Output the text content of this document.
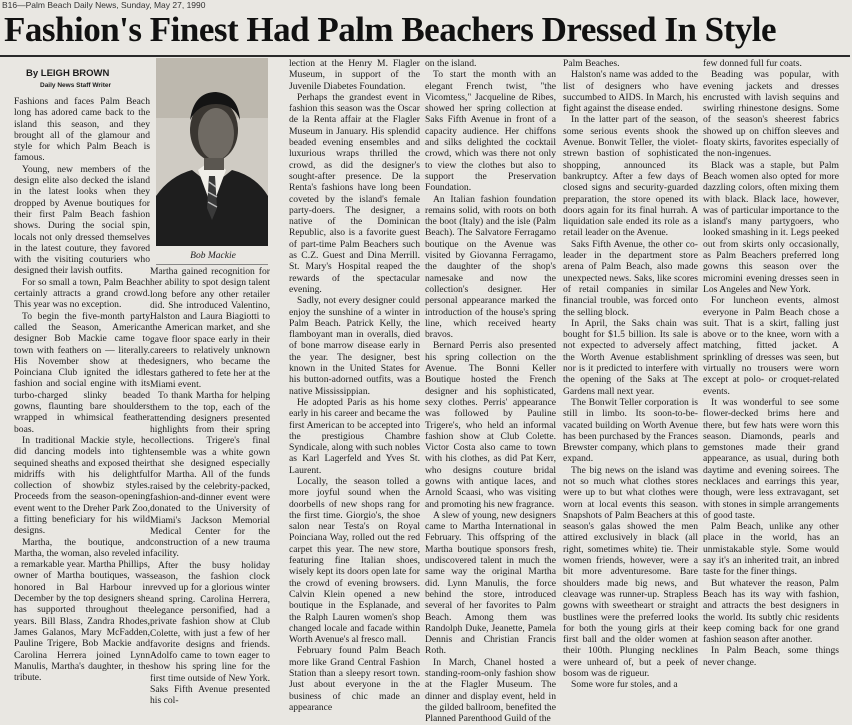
B16—Palm Beach Daily News, Sunday, May 27, 1990
Fashion's Finest Had Palm Beachers Dressed In Style
By LEIGH BROWN
Daily News Staff Writer
Bob Mackie

Fashions and faces Palm Beach long has adored came back to the island this season, and they brought all of the glamour and style for which Palm Beach is famous.

Young, new members of the design elite also decked the island in the latest looks when they dropped by Avenue boutiques for their first Palm Beach fashion shows. During the social spin, locals not only dressed themselves in the latest couture, they favored with the visiting couturiers who designed their lavish outfits.

For so small a town, Palm Beach certainly attracts a grand crowd. This year was no exception.

To begin the five-month party called the Season, American designer Bob Mackie came to town with feathers on — literally. His November show at the Poinciana Club ignited the idle fashion and social engine with its turbo-charged slinky beaded gowns, flaunting bare shoulders wrapped in whimsical feather boas.

In traditional Mackie style, he did dancing models into tight sequined sheaths and exposed their midriffs with his delightful collection of showbiz styles. Proceeds from the season-opening event went to the Dreher Park Zoo, a fitting beneficiary for his wild designs.

Martha, the boutique, and Martha, the woman, also reveled in a remarkable year. Martha Phillips, owner of Martha boutiques, was honored in Bal Harbour in December by the top designers she has supported throughout the years. Bill Blass, Zandra Rhodes, James Galanos, Mary McFadden, Pauline Trigere, Bob Mackie and Carolina Herrera joined Lynn Manulis, Martha's daughter, in the tribute.

Martha gained recognition for her ability to spot design talent long before any other retailer did. She introduced Valentino, Halston and Laura Biagiotti to the American market, and she gave floor space early in their careers to relatively unknown designers, who became the stars gathered to fete her at the Miami event.

To thank Martha for helping them to the top, each of the attending designers presented highlights from their spring collections. Trigere's final ensemble was a white gown that she designed especially for Martha. All of the funds raised by the celebrity-packed, fashion-and-dinner event were donated to the University of Miami's Jackson Memorial Medical Center for the construction of a new trauma facility.

After the busy holiday season, the fashion clock revved up for a glorious winter and spring. Carolina Herrera, elegance personified, had a private fashion show at Club Colette, with just a few of her favorite designs and friends. Adolfo came to town eager to show his spring line for the first time outside of New York. Saks Fifth Avenue presented his col-

lection at the Henry M. Flagler Museum, in support of the Juvenile Diabetes Foundation.

Perhaps the grandest event in fashion this season was the Oscar de la Renta affair at the Flagler Museum in January. His splendid beaded evening ensembles and luxurious wraps thrilled the crowd, as did the designer's sought-after presence. De la Renta's fashions have long been coveted by the island's female party-doers. The designer, a native of the Dominican Republic, also is a favorite guest of part-time Palm Beachers such as C.Z. Guest and Dina Merrill. St. Mary's Hospital reaped the rewards of the spectacular evening.

Sadly, not every designer could enjoy the sunshine of a winter in Palm Beach. Patrick Kelly, the flamboyant man in overalls, died of bone marrow disease early in the year. The designer, best known in the United States for his button-adorned outfits, was a native Mississippian.

He adopted Paris as his home early in his career and became the first American to be accepted into the prestigious Chambre Syndicale, along with such nobles as Karl Lagerfeld and Yves St. Laurent.

Locally, the season tolled a more joyful sound when the doorbells of new shops rang for the first time. Giorgio's, the shoe salon near Testa's on Royal Poinciana Way, rolled out the red carpet this year. The new store, featuring fine Italian shoes, wisely kept its doors open late for the crowd of evening browsers. Calvin Klein opened a new boutique in the Esplanade, and the Ralph Lauren women's shop changed locale and facade within Worth Avenue's al fresco mall.

February found Palm Beach more like Grand Central Fashion Station than a sleepy resort town. Just about everyone in the business of chic made an appearance

on the island.

To start the month with an elegant French twist, "the Vicomtess," Jacqueline de Ribes, showed her spring collection at Saks Fifth Avenue in front of a capacity audience. Her chiffons and silks delighted the cocktail crowd, which was there not only to view the clothes but also to support the Preservation Foundation.

An Italian fashion foundation remains solid, with roots on both the boot (Italy) and the isle (Palm Beach). The Salvatore Ferragamo boutique on the Avenue was visited by Giovanna Ferragamo, the daughter of the shop's namesake and now the collection's designer. Her personal appearance marked the introduction of the house's spring line, which received hearty bravos.

Bernard Perris also presented his spring collection on the Avenue. The Bonni Keller Boutique hosted the French designer and his sophisticated, sexy clothes. Perris' appearance was followed by Pauline Trigere's, who held an informal fashion show at Club Colette. Victor Costa also came to town with his clothes, as did Pat Kerr, who designs couture bridal gowns with antique laces, and Arnold Scaasi, who was visiting and promoting his new fragrance.

A slew of young, new designers came to Martha International in February. This offspring of the Martha boutique sponsors fresh, undiscovered talent in much the same way the original Martha did. Lynn Manulis, the force behind the store, introduced several of her favorites to Palm Beach. Among them was Randolph Duke, Jeanette, Pamela Dennis and Christian Francis Roth.

In March, Chanel hosted a standing-room-only fashion show at the Flagler Museum. The dinner and display event, held in the gilded ballroom, benefited the Planned Parenthood Guild of the

Palm Beaches.

Halston's name was added to the list of designers who have succumbed to AIDS. In March, his fight against the disease ended.

In the latter part of the season, some serious events shook the Avenue. Bonwit Teller, the violet-strewn bastion of sophisticated shopping, announced its bankruptcy. After a few days of closed signs and security-guarded preparation, the store opened its doors again for its final hurrah. A liquidation sale ended its role as a retail leader on the Avenue.

Saks Fifth Avenue, the other co-leader in the department store arena of Palm Beach, also made unexpected news. Saks, like scores of retail companies in similar financial trouble, was forced onto the selling block.

In April, the Saks chain was bought for $1.5 billion. Its sale is not expected to adversely affect the Worth Avenue establishment nor is it predicted to interfere with the opening of the Saks at The Gardens mall next year.

The Bonwit Teller corporation is still in limbo. Its soon-to-be-vacated building on Worth Avenue has been purchased by the Frances Brewster company, which plans to expand.

The big news on the island was not so much what clothes stores were up to but what clothes were worn at local events this season. Snapshots of Palm Beachers at this season's galas showed the men attired exclusively in black (all right, sometimes white) tie. Their women friends, however, were a bit more adventuresome. Bare shoulders made big news, and cleavage was runner-up. Strapless gowns with sweetheart or straight bustlines were the preferred looks for both the young girls at their first ball and the older women at their 100th. Plunging necklines were unheard of, but a peek of bosom was de rigueur.

Some wore fur stoles, and a

few donned full fur coats.

Beading was popular, with evening jackets and dresses encrusted with lavish sequins and swirling rhinestone designs. Some of the season's sheerest fabrics showed up on chiffon sleeves and floaty skirts, favorites especially of the non-ingenues.

Black was a staple, but Palm Beach women also opted for more dazzling colors, often mixing them with black. Black lace, however, was of particular importance to the island's many partygoers, who looked smashing in it. Legs peeked out from skirts only occasionally, as Palm Beachers preferred long gowns this season over the micromini evening dresses seen in Los Angeles and New York.

For luncheon events, almost everyone in Palm Beach chose a suit. That is a skirt, falling just above or to the knee, worn with a matching, fitted jacket. A sprinkling of dresses was seen, but virtually no trousers were worn except at polo- or croquet-related events.

It was wonderful to see some flower-decked brims here and there, but few hats were worn this season. Diamonds, pearls and gemstones made their grand appearance, as usual, during both daytime and evening soirees. The necklaces and earrings this year, though, were less extravagant, set with stones in simple arrangements of good taste.

Palm Beach, unlike any other place in the world, has an unmistakable style. Some would say it's an inherited trait, an inbred taste for the finer things.

But whatever the reason, Palm Beach has its way with fashion, and attracts the best designers in the world. Its subtly chic residents keep coming back for one grand fashion season after another.

In Palm Beach, some things never change.
